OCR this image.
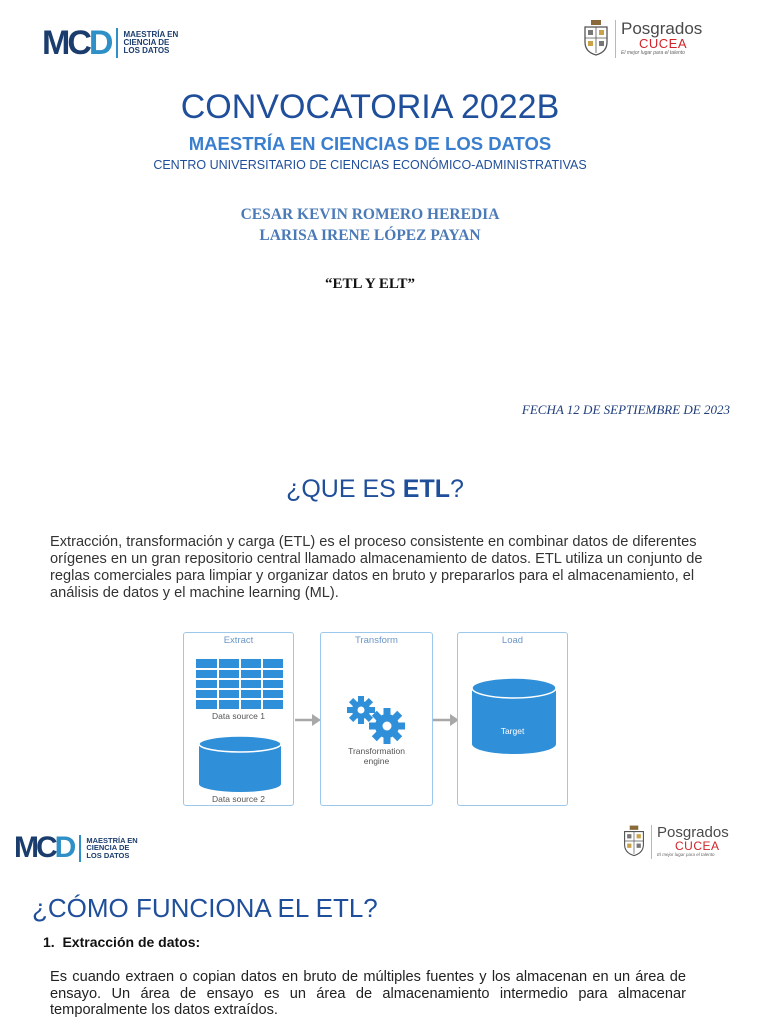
MCD MAESTRÍA EN
CIENCIA DE
LOS DATOS
Posgrados
CUCEA
El mejor lugar para el talento
CONVOCATORIA 2022B
MAESTRÍA EN CIENCIAS DE LOS DATOS
CENTRO UNIVERSITARIO DE CIENCIAS ECONÓMICO-ADMINISTRATIVAS
CESAR KEVIN ROMERO HEREDIA
LARISA IRENE LÓPEZ PAYAN
“ETL Y ELT”
FECHA 12 DE SEPTIEMBRE DE 2023
¿QUE ES ETL?
Extracción, transformación y carga (ETL) es el proceso consistente en combinar datos de diferentes orígenes en un gran repositorio central llamado almacenamiento de datos. ETL utiliza un conjunto de reglas comerciales para limpiar y organizar datos en bruto y prepararlos para el almacenamiento, el análisis de datos y el machine learning (ML).
Extract
Data source 1
Data source 2
Transform
Transformation
engine
Load
Target
MCD MAESTRÍA EN
CIENCIA DE
LOS DATOS
Posgrados
CUCEA
El mejor lugar para el talento
¿CÓMO FUNCIONA EL ETL?
1. Extracción de datos:
Es cuando extraen o copian datos en bruto de múltiples fuentes y los almacenan en un área de ensayo. Un área de ensayo es un área de almacenamiento intermedio para almacenar temporalmente los datos extraídos.
